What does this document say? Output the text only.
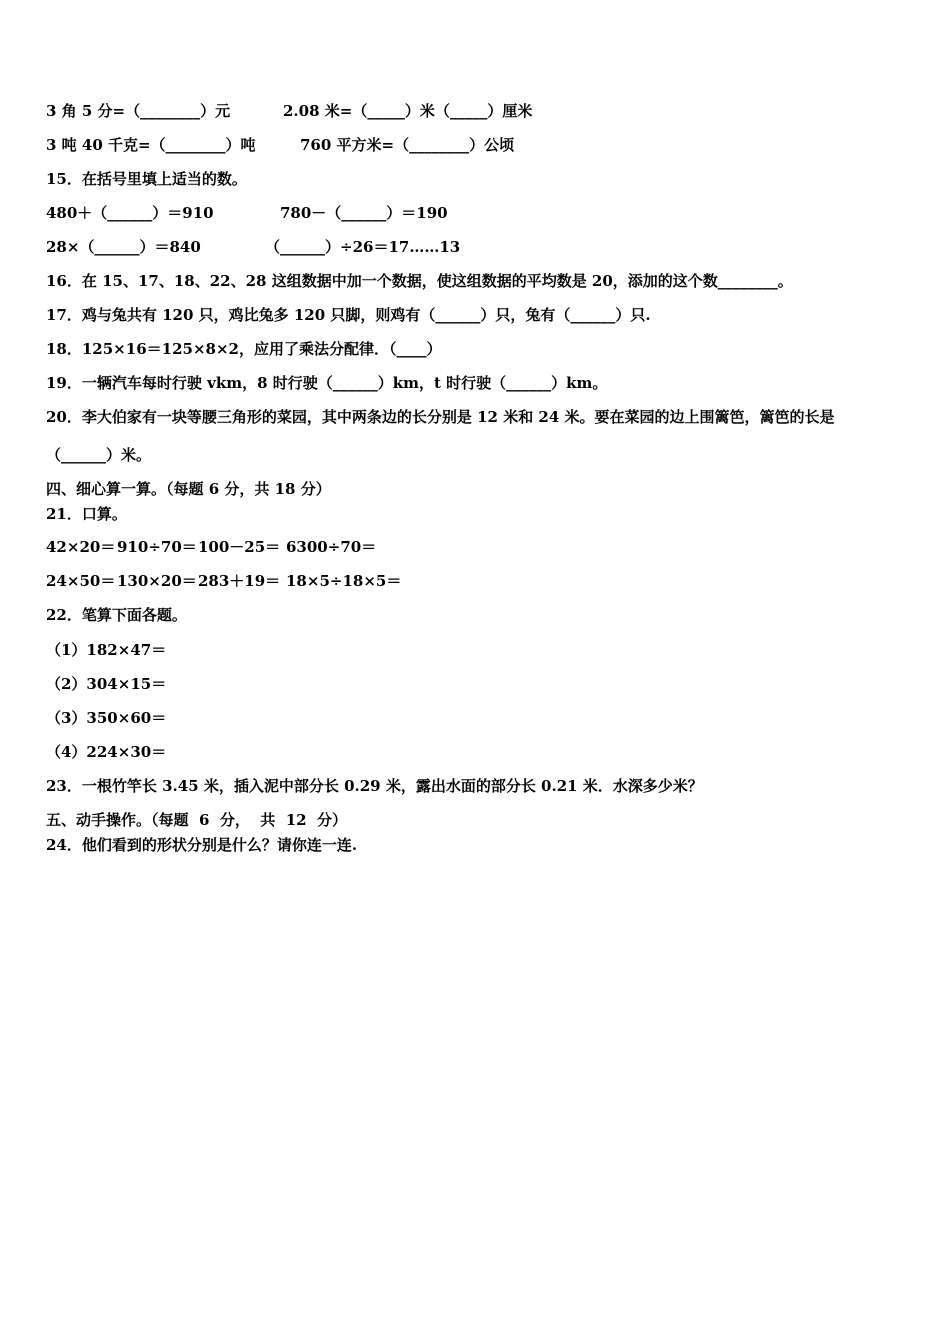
3 角 5 分=（________）元	2.08 米=（_____）米（_____）厘米
3 吨 40 千克=（________）吨	760 平方米=（________）公顷
15．在括号里填上适当的数。
480＋（______）＝910	780－（______）＝190
28×（______）＝840	（______）÷26＝17……13
16．在 15、17、18、22、28 这组数据中加一个数据，使这组数据的平均数是 20，添加的这个数________。
17．鸡与兔共有 120 只，鸡比兔多 120 只脚，则鸡有（______）只，兔有（______）只.
18．125×16＝125×8×2，应用了乘法分配律．（____）
19．一辆汽车每时行驶 vkm，8 时行驶（______）km，t 时行驶（______）km。
20．李大伯家有一块等腰三角形的菜园，其中两条边的长分别是 12 米和 24 米。要在菜园的边上围篱笆，篱笆的长是
（______）米。
四、细心算一算。（每题 6 分，共 18 分）
21．口算。
42×20＝ 910÷70＝ 100－25＝ 6300÷70＝
24×50＝ 130×20＝ 283＋19＝ 18×5÷18×5＝
22．笔算下面各题。
（1）182×47＝
（2）304×15＝
（3）350×60＝
（4）224×30＝
23．一根竹竿长 3.45 米，插入泥中部分长 0.29 米，露出水面的部分长 0.21 米．水深多少米？
五、动手操作。（每题  6  分，  共  12  分）
24．他们看到的形状分别是什么？请你连一连.
